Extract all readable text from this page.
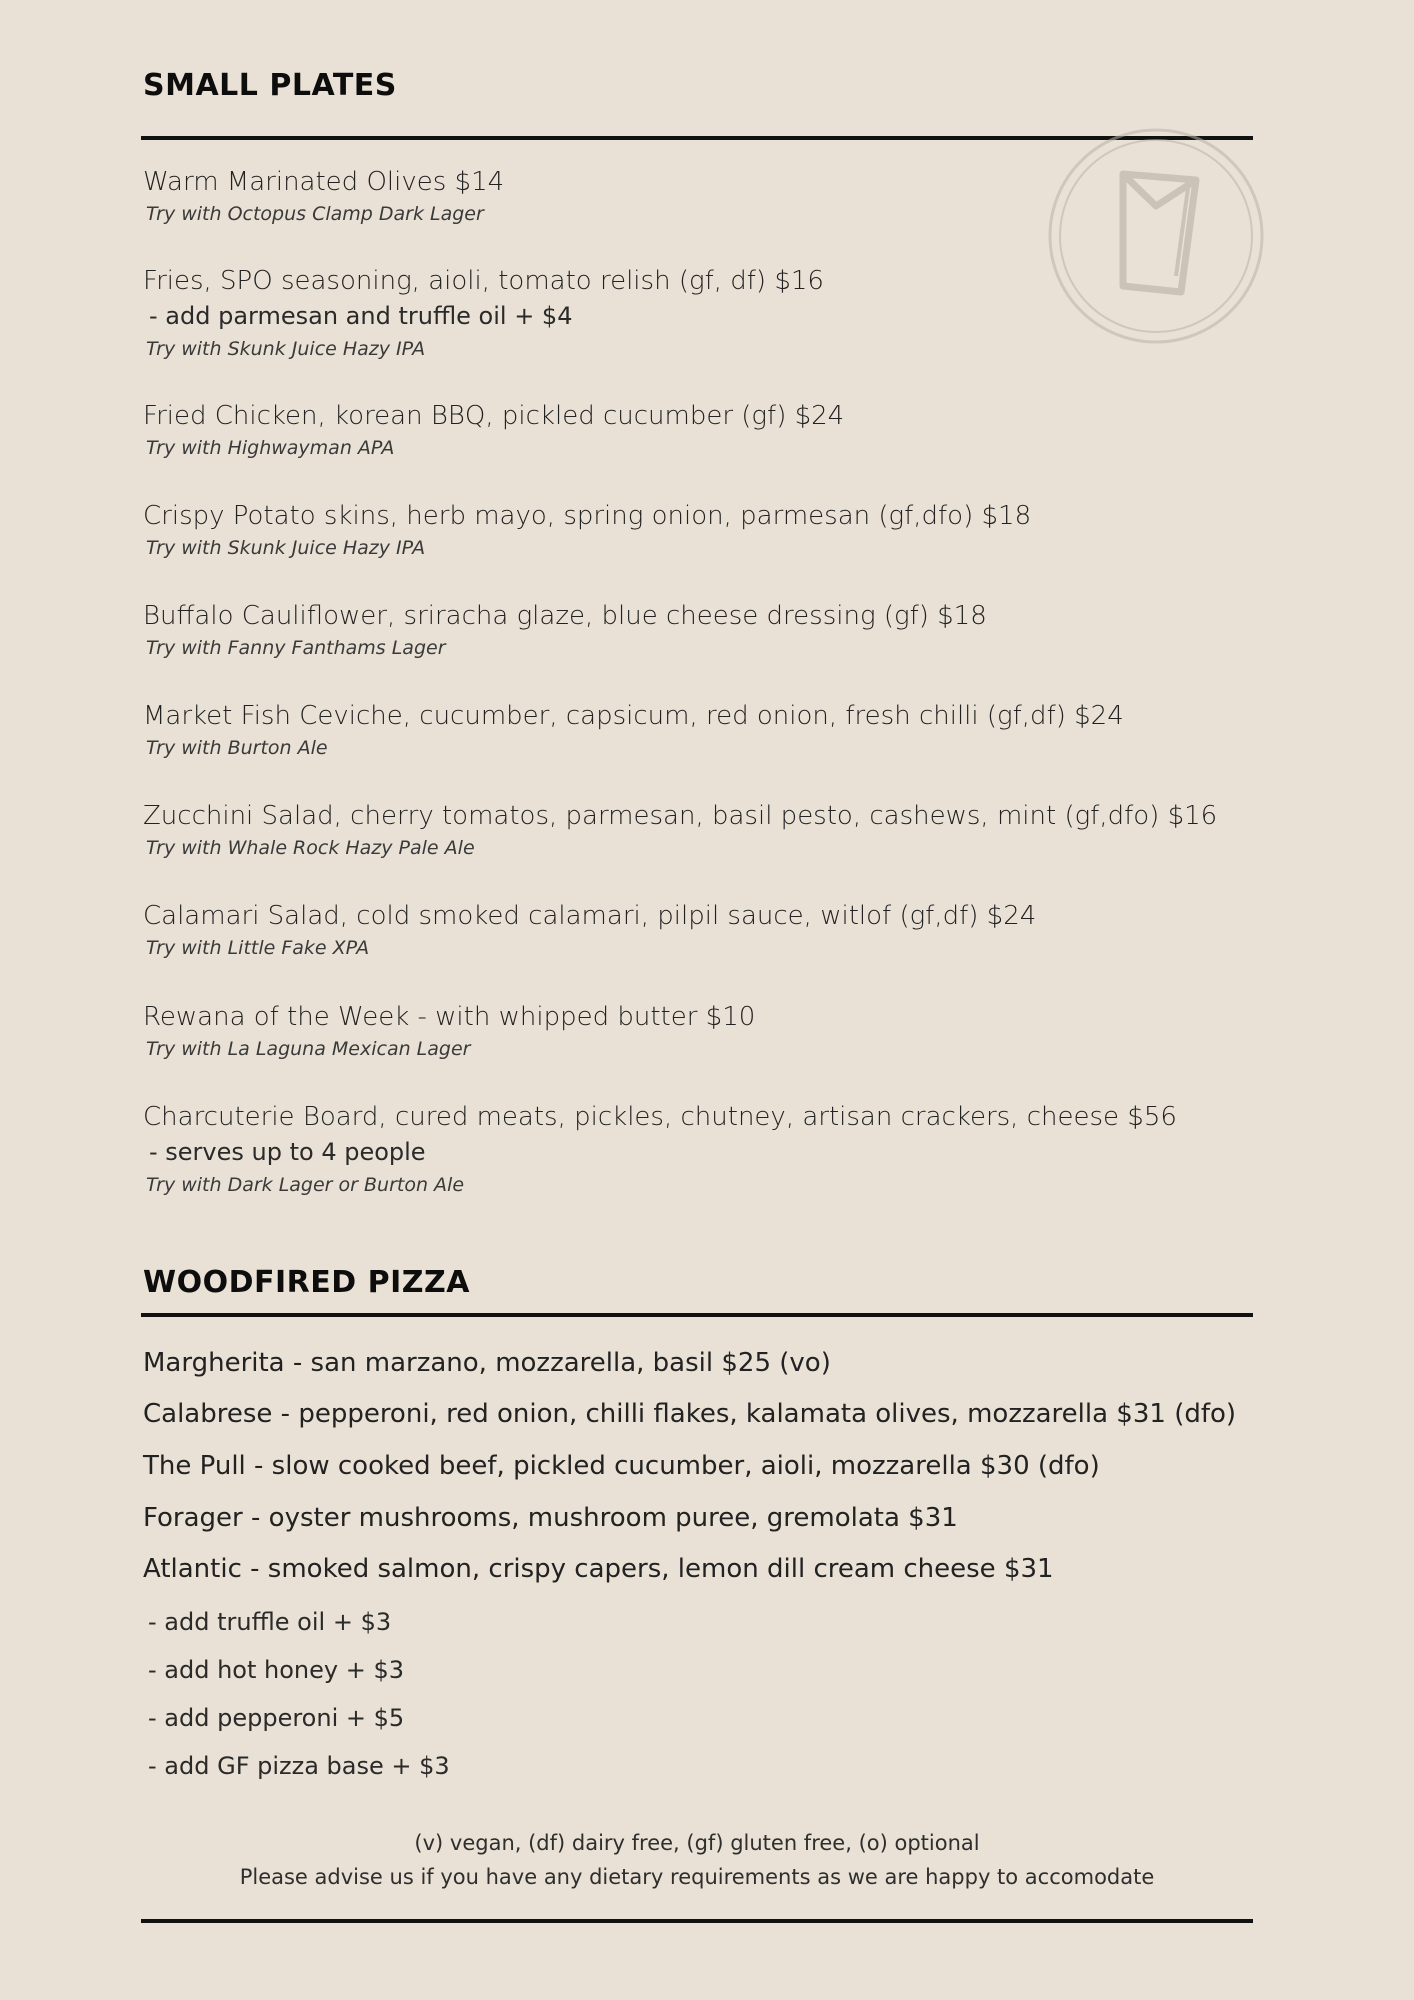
SMALL PLATES
Warm Marinated Olives $14
Try with Octopus Clamp Dark Lager
Fries, SPO seasoning, aioli, tomato relish (gf, df) $16
- add parmesan and truffle oil + $4
Try with Skunk Juice Hazy IPA
Fried Chicken, korean BBQ, pickled cucumber (gf) $24
Try with Highwayman APA
Crispy Potato skins, herb mayo, spring onion, parmesan (gf,dfo) $18
Try with Skunk Juice Hazy IPA
Buffalo Cauliflower, sriracha glaze, blue cheese dressing (gf) $18
Try with Fanny Fanthams Lager
Market Fish Ceviche, cucumber, capsicum, red onion, fresh chilli (gf,df) $24
Try with Burton Ale
Zucchini Salad, cherry tomatos, parmesan, basil pesto, cashews, mint (gf,dfo) $16
Try with Whale Rock Hazy Pale Ale
Calamari Salad, cold smoked calamari, pilpil sauce, witlof (gf,df) $24
Try with Little Fake XPA
Rewana of the Week - with whipped butter $10
Try with La Laguna Mexican Lager
Charcuterie Board, cured meats, pickles, chutney, artisan crackers, cheese $56
- serves up to 4 people
Try with Dark Lager or Burton Ale
WOODFIRED PIZZA
Margherita - san marzano, mozzarella, basil $25 (vo)
Calabrese - pepperoni, red onion, chilli flakes, kalamata olives, mozzarella $31 (dfo)
The Pull - slow cooked beef, pickled cucumber, aioli, mozzarella $30 (dfo)
Forager - oyster mushrooms, mushroom puree, gremolata $31
Atlantic - smoked salmon, crispy capers, lemon dill cream cheese $31
- add truffle oil + $3
- add hot honey + $3
- add pepperoni + $5
- add GF pizza base + $3
(v) vegan, (df) dairy free, (gf) gluten free, (o) optional
Please advise us if you have any dietary requirements as we are happy to accomodate
